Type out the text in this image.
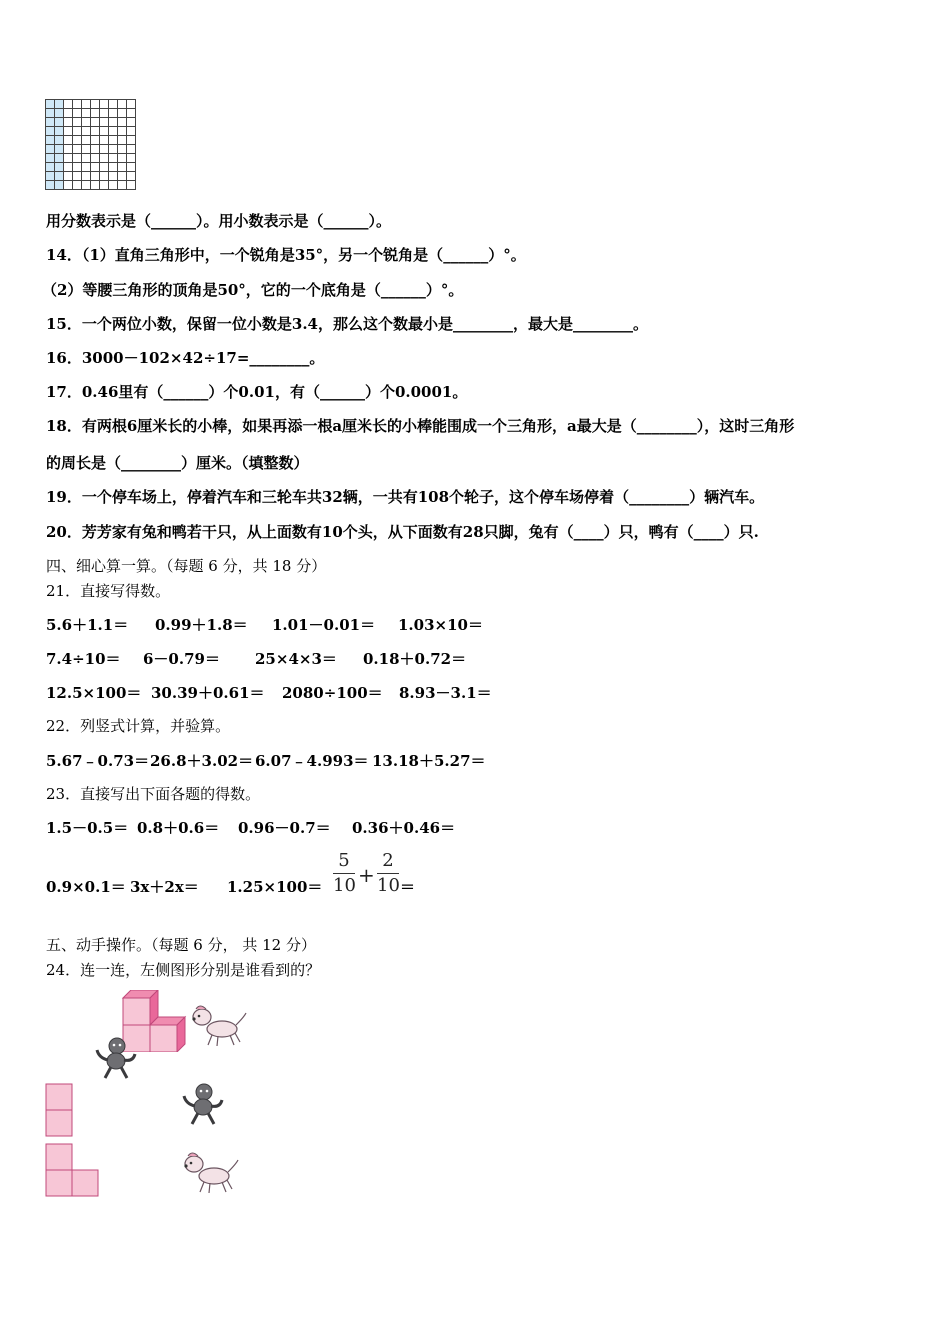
用分数表示是（______）。用小数表示是（______）。
14．（1）直角三角形中，一个锐角是35°，另一个锐角是（______）°。
（2）等腰三角形的顶角是50°，它的一个底角是（______）°。
15．一个两位小数，保留一位小数是3.4，那么这个数最小是________，最大是________。
16．3000－102×42÷17=________。
17．0.46里有（______）个0.01，有（______）个0.0001。
18．有两根6厘米长的小棒，如果再添一根a厘米长的小棒能围成一个三角形，a最大是（________），这时三角形
的周长是（________）厘米。（填整数）
19．一个停车场上，停着汽车和三轮车共32辆，一共有108个轮子，这个停车场停着（________）辆汽车。
20．芳芳家有兔和鸭若干只，从上面数有10个头，从下面数有28只脚，兔有（____）只，鸭有（____）只.
四、细心算一算。（每题 6 分，共 18 分）
21．直接写得数。
5.6＋1.1＝ 0.99＋1.8＝ 1.01－0.01＝ 1.03×10＝
7.4÷10＝ 6－0.79＝ 25×4×3＝ 0.18＋0.72＝
12.5×100＝ 30.39＋0.61＝ 2080÷100＝ 8.93－3.1＝
22．列竖式计算，并验算。
5.67﹣0.73＝ 26.8＋3.02＝ 6.07﹣4.993＝ 13.18＋5.27＝
23．直接写出下面各题的得数。
1.5－0.5＝ 0.8＋0.6＝ 0.96－0.7＝ 0.36＋0.46＝
0.9×0.1＝ 3x＋2x＝ 1.25×100＝
5
10 +
2
10 ＝
五、动手操作。（每题 6 分， 共 12 分）
24．连一连，左侧图形分别是谁看到的？
